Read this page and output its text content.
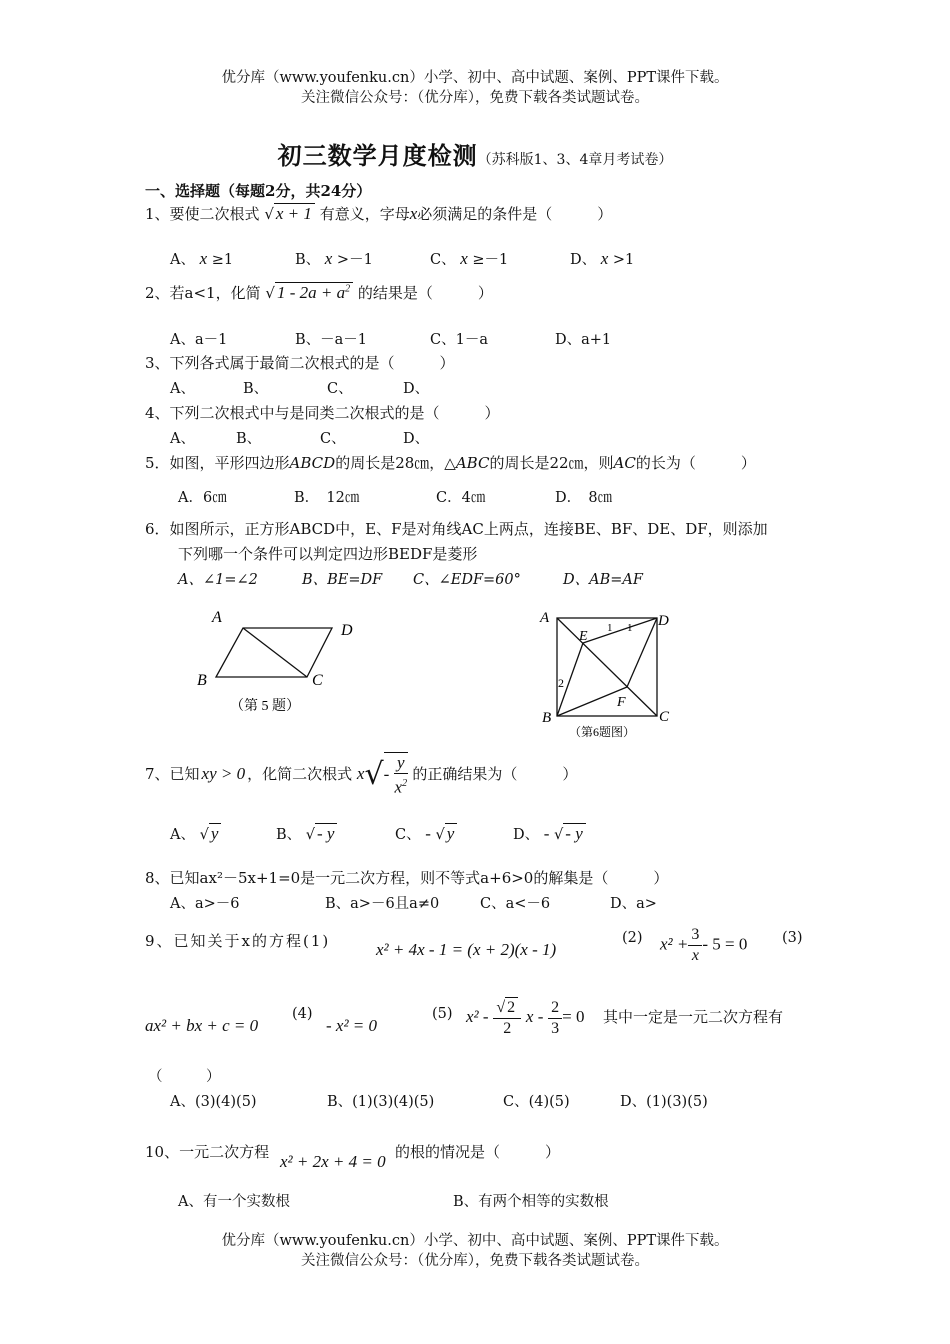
优分库（www.youfenku.cn）小学、初中、高中试题、案例、PPT课件下载。
关注微信公众号：（优分库），免费下载各类试题试卷。
初三数学月度检测（苏科版1、3、4章月考试卷）
一、选择题（每题2分，共24分）
1、要使二次根式 √ x + 1 有意义，字母x必须满足的条件是（　　　）
A、 x ≥1	B、 x >－1	C、 x ≥－1	D、 x >1
2、若a<1，化简 √ $1 - 2a + a^2$ 的结果是（　　　）
A、a－1	B、－a－1	C、1－a	D、a+1
3、下列各式属于最简二次根式的是（　　　）
A、	B、	C、	D、
4、下列二次根式中与是同类二次根式的是（　　　）
A、	B、	C、	D、
5．如图，平形四边形ABCD的周长是28㎝，△ABC的周长是22㎝，则AC的长为（　　　）
A．6㎝	B．　12㎝	C．4㎝	D．　8㎝
6．如图所示，正方形ABCD中，E、F是对角线AC上两点，连接BE、BF、DE、DF，则添加
下列哪一个条件可以判定四边形BEDF是菱形
A、∠1=∠2	B、BE=DF C、∠EDF=60°	D、AB=AF
A
D
B	C
（第 5 题）
A	D
B	C
E
F
1 1
2
（第6题图）
7、已知 xy > 0 ，化简二次根式 $x√- \frac{y}{x^2}$ 的正确结果为（　　　）
A、 √ y	B、 √ - y	C、 - √ y	D、 - √ - y
8、已知ax²－5x+1=0是一元二次方程，则不等式a+6>0的解集是（　　　）
A、a>－6	B、a>－6且a≠0	C、a<－6	D、a>
9、已知关于x的方程(1)	x² + 4x - 1 = (x + 2)(x - 1)
(2) $x^2 + \frac{3}{x} - 5 = 0$ (3)
ax² + bx + c = 0
(4)
- x² = 0
(5) $x^2 - \frac{√ 2}{2}$ $x - \frac{2}{3} = 0$ 其中一定是一元二次方程有
（　　　）
A、(3)(4)(5)	B、(1)(3)(4)(5)	C、(4)(5)	D、(1)(3)(5)
10、一元二次方程 x² + 2x + 4 = 0 的根的情况是（　　　）
A、有一个实数根	B、有两个相等的实数根
优分库（www.youfenku.cn）小学、初中、高中试题、案例、PPT课件下载。
关注微信公众号：（优分库），免费下载各类试题试卷。
